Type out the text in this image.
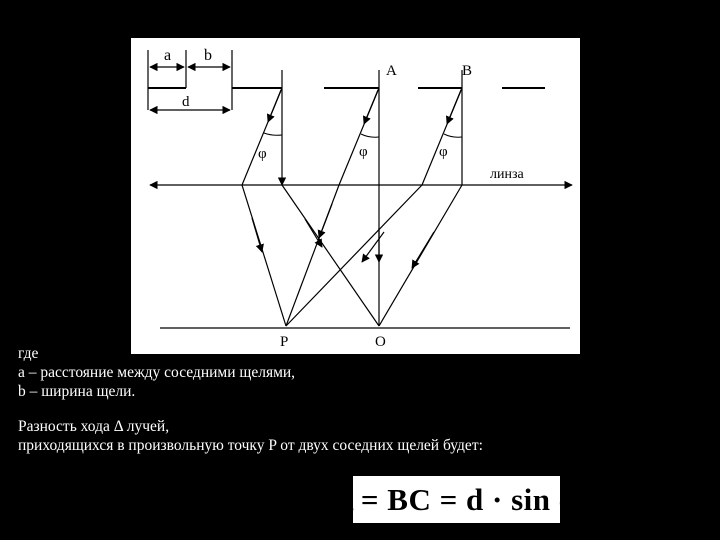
a b
d
A	B
φ	φ	φ
линза
P	O
где
a – расстояние между соседними щелями,
b – ширина щели.
Разность хода Δ лучей,
приходящихся в произвольную точку P от двух соседних щелей будет:
Δ = BC = d · sin φ
